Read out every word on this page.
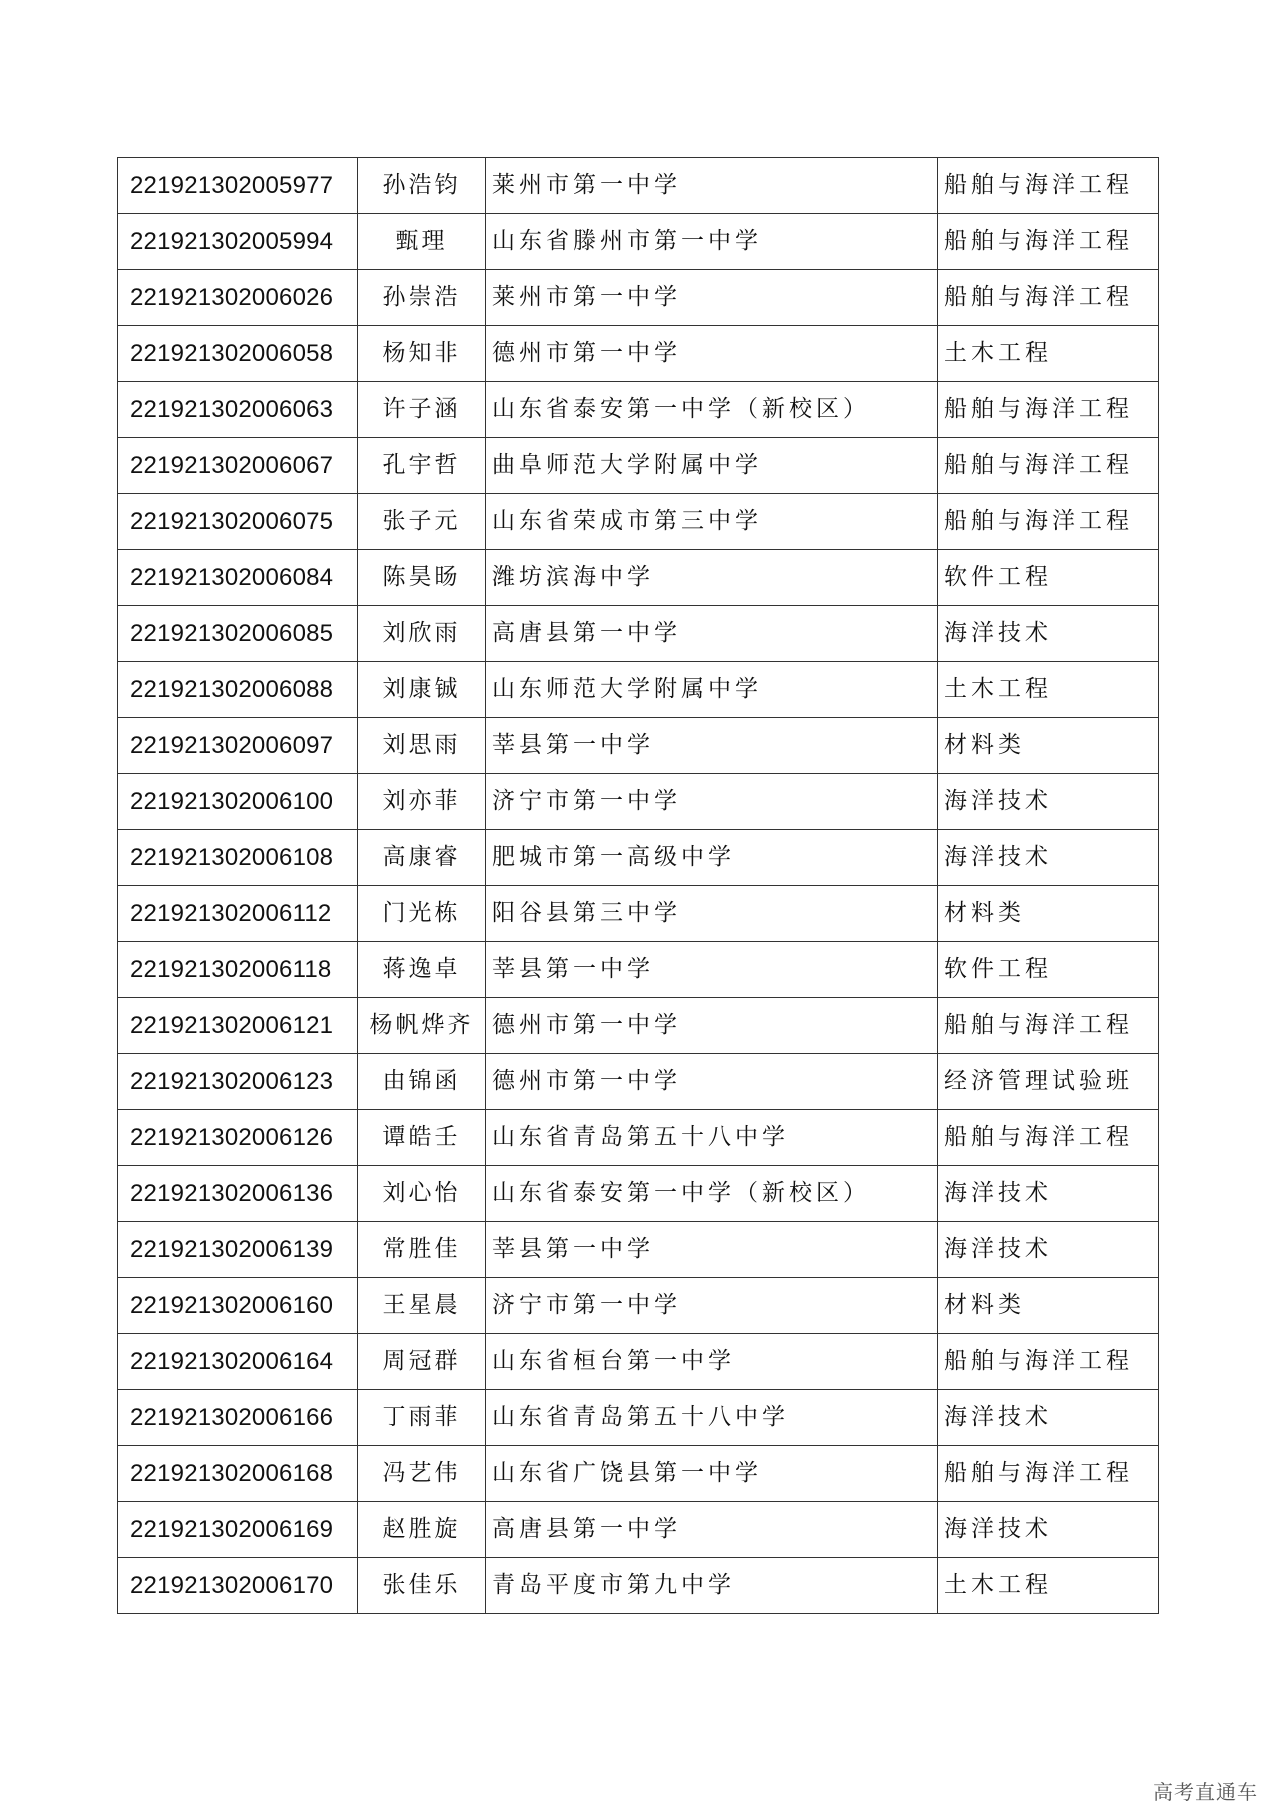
221921302005977	孙浩钧	莱州市第一中学	船舶与海洋工程
221921302005994	甄理	山东省滕州市第一中学	船舶与海洋工程
221921302006026	孙崇浩	莱州市第一中学	船舶与海洋工程
221921302006058	杨知非	德州市第一中学	土木工程
221921302006063	许子涵	山东省泰安第一中学（新校区）	船舶与海洋工程
221921302006067	孔宇哲	曲阜师范大学附属中学	船舶与海洋工程
221921302006075	张子元	山东省荣成市第三中学	船舶与海洋工程
221921302006084	陈昊旸	潍坊滨海中学	软件工程
221921302006085	刘欣雨	高唐县第一中学	海洋技术
221921302006088	刘康铖	山东师范大学附属中学	土木工程
221921302006097	刘思雨	莘县第一中学	材料类
221921302006100	刘亦菲	济宁市第一中学	海洋技术
221921302006108	高康睿	肥城市第一高级中学	海洋技术
221921302006112	门光栋	阳谷县第三中学	材料类
221921302006118	蒋逸卓	莘县第一中学	软件工程
221921302006121	杨帆烨齐	德州市第一中学	船舶与海洋工程
221921302006123	由锦函	德州市第一中学	经济管理试验班
221921302006126	谭皓壬	山东省青岛第五十八中学	船舶与海洋工程
221921302006136	刘心怡	山东省泰安第一中学（新校区）	海洋技术
221921302006139	常胜佳	莘县第一中学	海洋技术
221921302006160	王星晨	济宁市第一中学	材料类
221921302006164	周冠群	山东省桓台第一中学	船舶与海洋工程
221921302006166	丁雨菲	山东省青岛第五十八中学	海洋技术
221921302006168	冯艺伟	山东省广饶县第一中学	船舶与海洋工程
221921302006169	赵胜旋	高唐县第一中学	海洋技术
221921302006170	张佳乐	青岛平度市第九中学	土木工程
高考直通车
